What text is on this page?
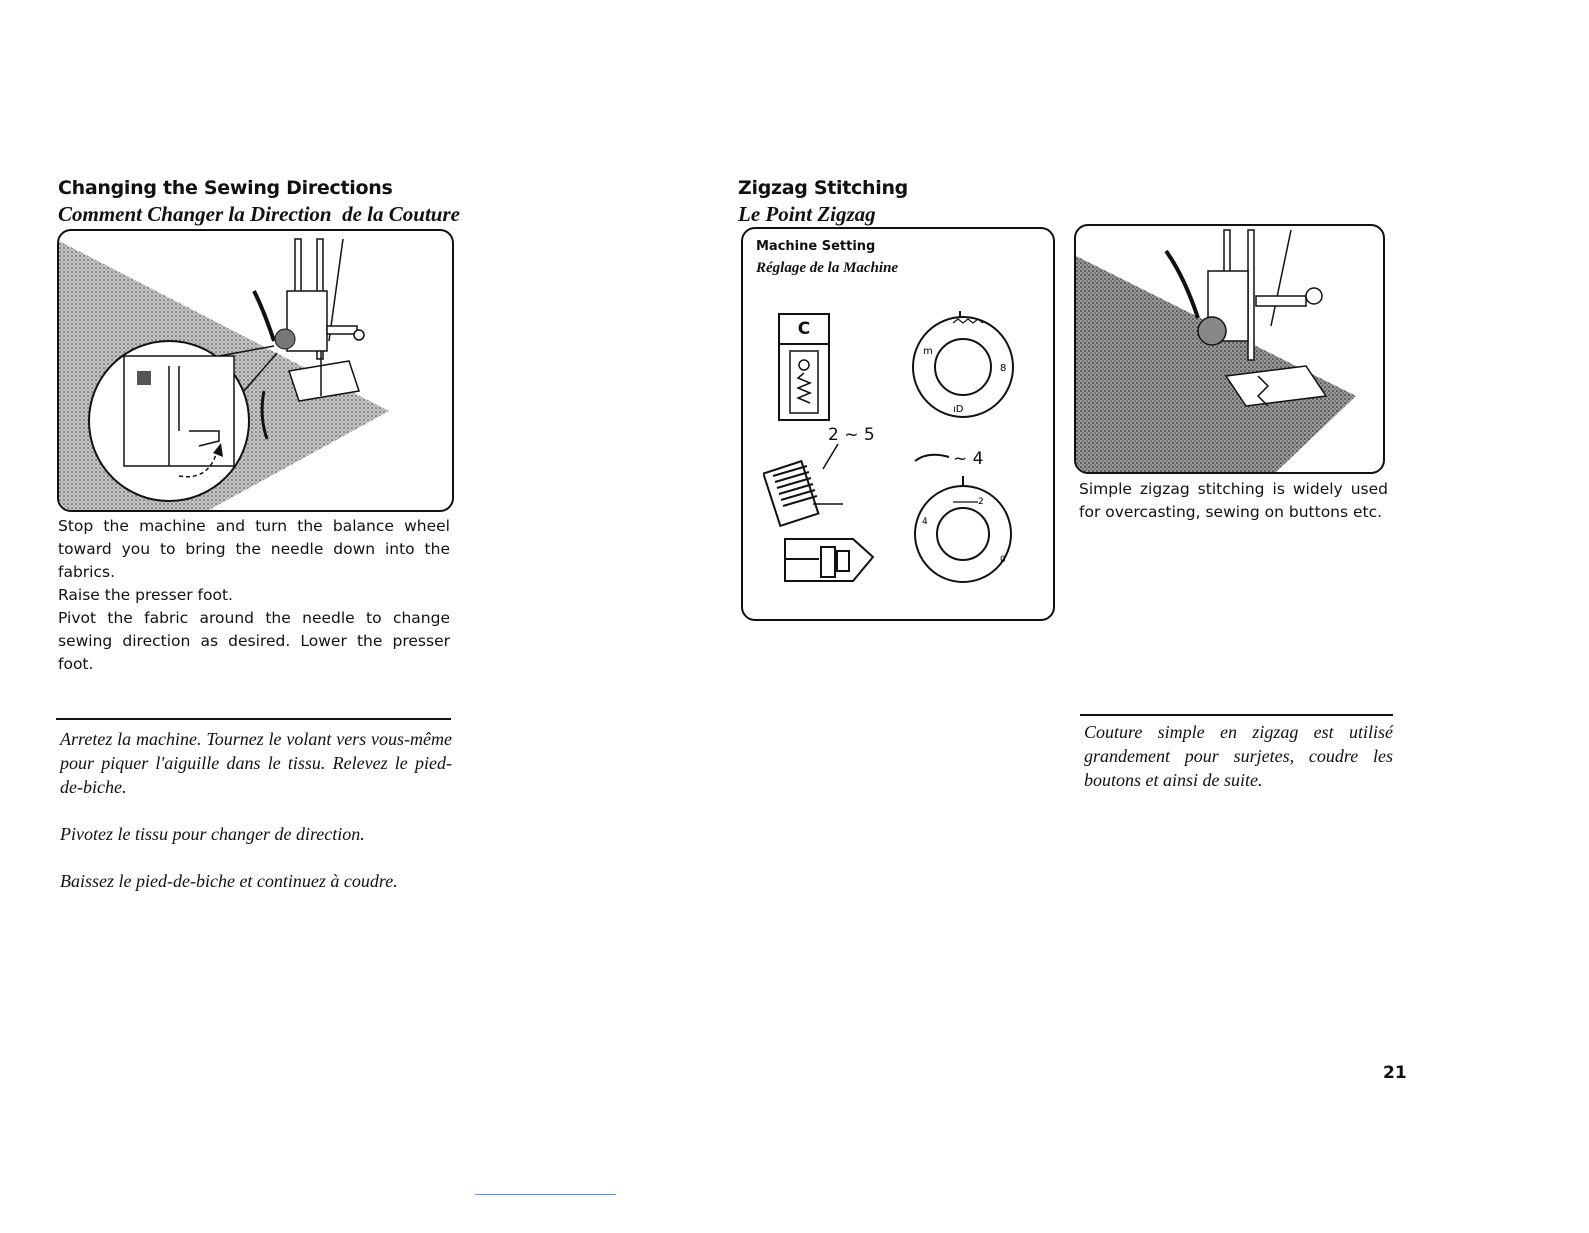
Changing the Sewing Directions
Comment Changer la Direction  de la Couture

Stop the machine and turn the balance wheel toward you to bring the needle down into the fabrics.

Raise the presser foot.

Pivot the fabric around the needle to change sewing direction as desired. Lower the presser foot.

Arretez la machine. Tournez le volant vers vous-même pour piquer l'aiguille dans le tissu. Relevez le pied-de-biche.
Pivotez le tissu pour changer de direction.
Baissez le pied-de-biche et continuez à coudre.
Zigzag Stitching
Le Point Zigzag
Machine Setting
Réglage de la Machine
C
m
8
ıD
2 ~ 5
~ 4
2
4
0
Simple zigzag stitching is widely used for overcasting, sewing on buttons etc.
Couture simple en zigzag est utilisé grandement pour surjetes, coudre les boutons et ainsi de suite.
21
